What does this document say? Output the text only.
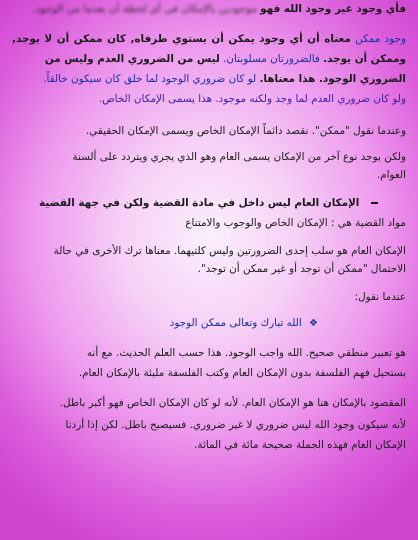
فأي وجود غير وجود الله فهو موجودين بالإمكان في أي لحظة أن يعدما من الوجود.
وجود ممكن معناه أن أي وجود يمكن أن يستوي طرفاه, كان ممكن أن لا يوجد,
وممكن أن يوجد. فالضرورتان مسلوبتان. ليس من الضروري العدم وليس من
الضروري الوجود. هذا معناها. لو كان ضروري الوجود لما خلق كان سيكون خالقاً.
ولو كان ضروري العدم لما وجد ولكنه موجود. هذا يسمى الإمكان الخاص.
وعندما نقول "ممكن". نقصد دائماً الإمكان الخاص ويسمى الإمكان الحقيقي.
ولكن يوجد نوع آخر من الإمكان يسمى العام وهو الذي يجري ويتردد على ألسنة
العوام.
الإمكان العام ليس داخل في مادة القضية ولكن في جهة القضية
مواد القضية هي : الإمكان الخاص والوجوب والامتناع
الإمكان العام هو سلب إحدى الضرورتين وليس كلتيهما. معناها ترك الأخرى في حالة
الاحتمال "ممكن أن توجد أو غير ممكن أن توجد".
عندما نقول:
❖ الله تبارك وتعالى ممكن الوجود
هو تعبير منطقي صحيح. الله واجب الوجود. هذا حسب العلم الحديث. مع أنه
يستحيل فهم الفلسفة بدون الإمكان العام وكتب الفلسفة مليئة بالإمكان العام.
المقصود بالإمكان هنا هو الإمكان العام. لأنه لو كان الإمكان الخاص فهو أكبر باطل.
لأنه سيكون وجود الله ليس ضروري لا غير ضروري. فسيصبح باطل. لكن إذا أردنا
الإمكان العام فهذه الجملة صحيحة مائة في المائة.
